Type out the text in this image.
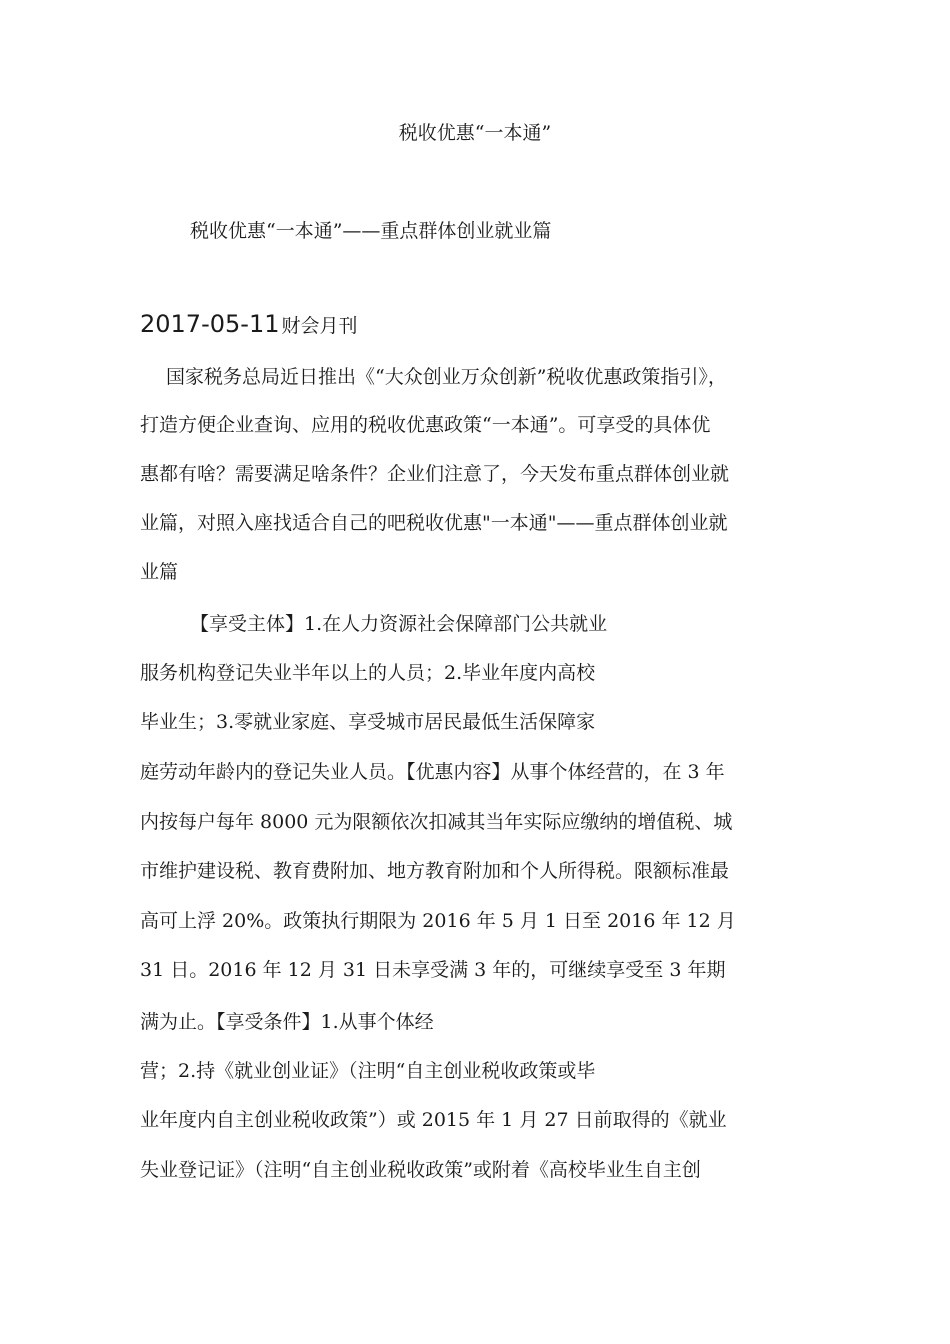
税收优惠“一本通”
税收优惠“一本通”——重点群体创业就业篇
2017-05-11 财会月刊
国家税务总局近日推出《“大众创业万众创新”税收优惠政策指引》，
打造方便企业查询、应用的税收优惠政策“一本通”。可享受的具体优
惠都有啥？需要满足啥条件？企业们注意了，今天发布重点群体创业就
业篇，对照入座找适合自己的吧税收优惠"一本通"——重点群体创业就
业篇
【享受主体】1.在人力资源社会保障部门公共就业
服务机构登记失业半年以上的人员；2.毕业年度内高校
毕业生；3.零就业家庭、享受城市居民最低生活保障家
庭劳动年龄内的登记失业人员。【优惠内容】从事个体经营的，在 3 年
内按每户每年 8000 元为限额依次扣减其当年实际应缴纳的增值税、城
市维护建设税、教育费附加、地方教育附加和个人所得税。限额标准最
高可上浮 20%。政策执行期限为 2016 年 5 月 1 日至 2016 年 12 月
31 日。2016 年 12 月 31 日未享受满 3 年的，可继续享受至 3 年期
满为止。【享受条件】1.从事个体经
营；2.持《就业创业证》（注明“自主创业税收政策或毕
业年度内自主创业税收政策”）或 2015 年 1 月 27 日前取得的《就业
失业登记证》（注明“自主创业税收政策”或附着《高校毕业生自主创
